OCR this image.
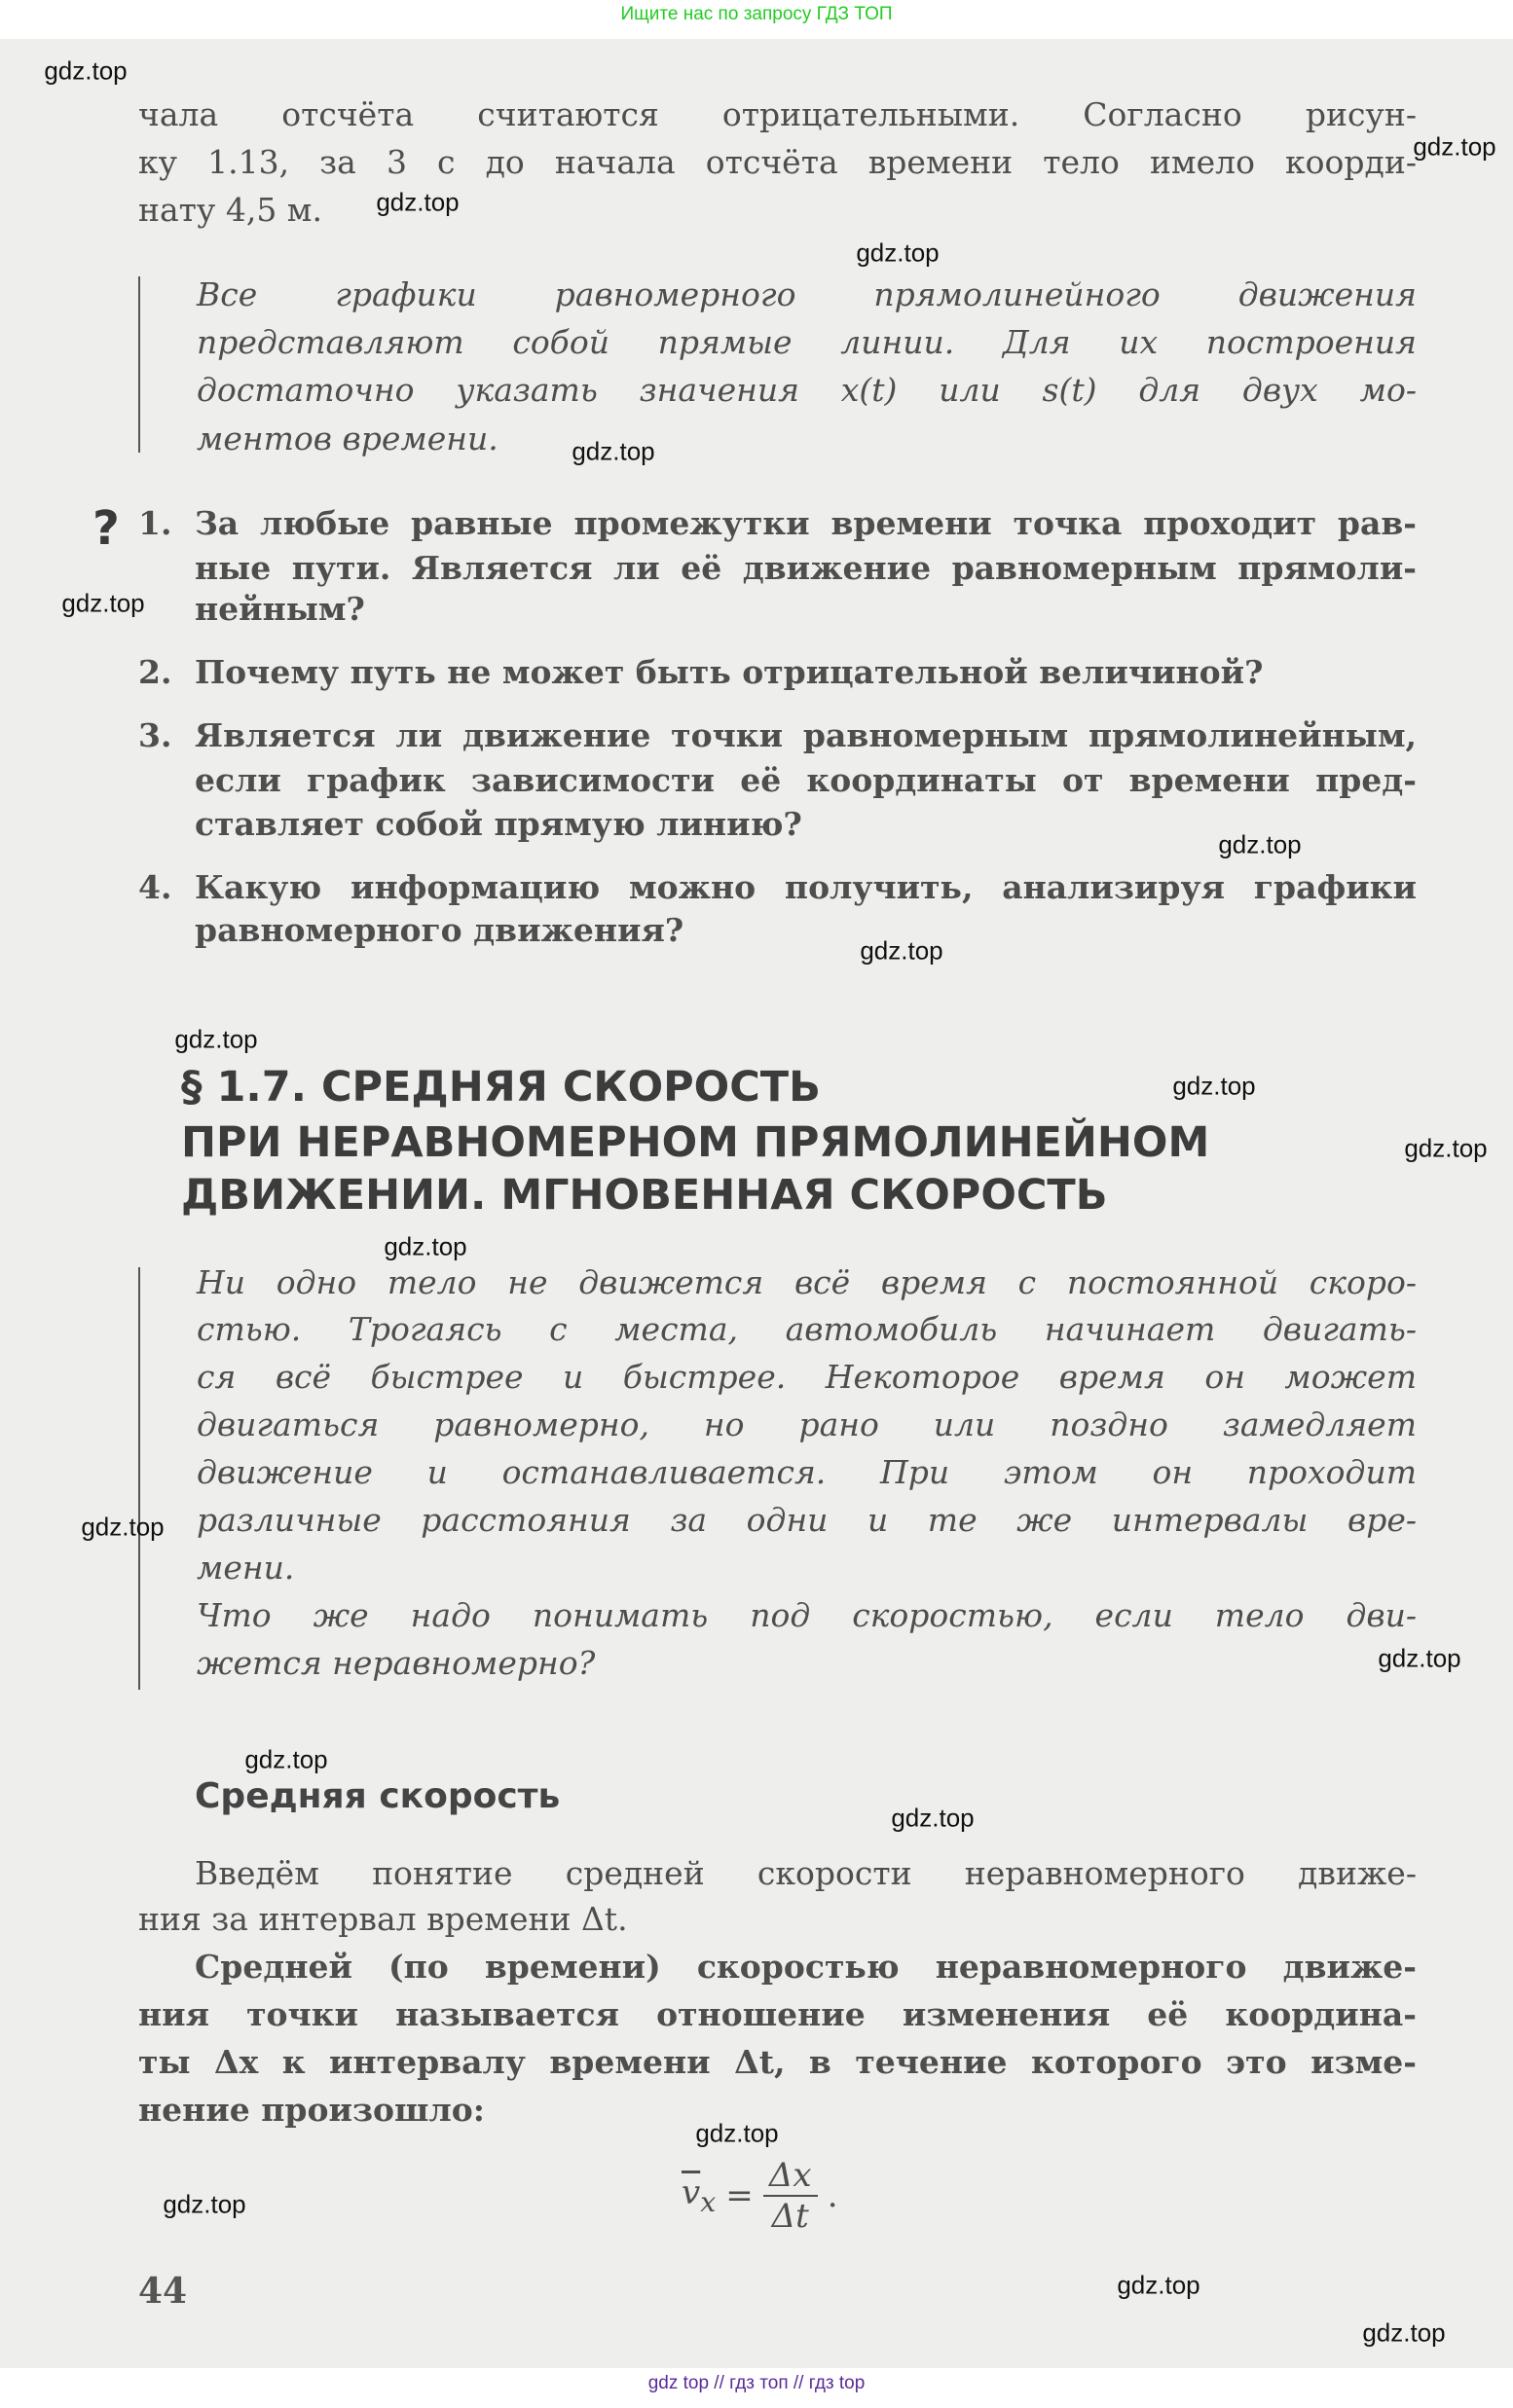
Ищите нас по запросу ГДЗ ТОП
чала отсчёта считаются отрицательными. Согласно рисун-
ку 1.13, за 3 с до начала отсчёта времени тело имело коорди-
нату 4,5 м.
Все графики равномерного прямолинейного движения
представляют собой прямые линии. Для их построения
достаточно указать значения x(t) или s(t) для двух мо-
ментов времени.
? 1. За любые равные промежутки времени точка проходит рав-
ные пути. Является ли её движение равномерным прямоли-
нейным?
2. Почему путь не может быть отрицательной величиной?
3. Является ли движение точки равномерным прямолинейным,
если график зависимости её координаты от времени пред-
ставляет собой прямую линию?
4. Какую информацию можно получить, анализируя графики
равномерного движения?
§ 1.7. СРЕДНЯЯ СКОРОСТЬ
ПРИ НЕРАВНОМЕРНОМ ПРЯМОЛИНЕЙНОМ
ДВИЖЕНИИ. МГНОВЕННАЯ СКОРОСТЬ
Ни одно тело не движется всё время с постоянной скоро-
стью. Трогаясь с места, автомобиль начинает двигать-
ся всё быстрее и быстрее. Некоторое время он может
двигаться равномерно, но рано или поздно замедляет
движение и останавливается. При этом он проходит
различные расстояния за одни и те же интервалы вре-
мени.
Что же надо понимать под скоростью, если тело дви-
жется неравномерно?
Средняя скорость
Введём понятие средней скорости неравномерного движе-
ния за интервал времени Δt.
Средней (по времени) скоростью неравномерного движе-
ния точки называется отношение изменения её координа-
ты Δx к интервалу времени Δt, в течение которого это изме-
нение произошло:
$\overline{v}_x = \frac{\Delta x}{\Delta t}$ .
44
gdz.top
gdz.top
gdz.top
gdz.top
gdz.top
gdz.top
gdz.top
gdz.top
gdz.top
gdz.top
gdz.top
gdz.top
gdz.top
gdz.top
gdz.top
gdz.top
gdz.top
gdz.top
gdz.top
gdz.top
gdz top // гдз топ // гдз top
